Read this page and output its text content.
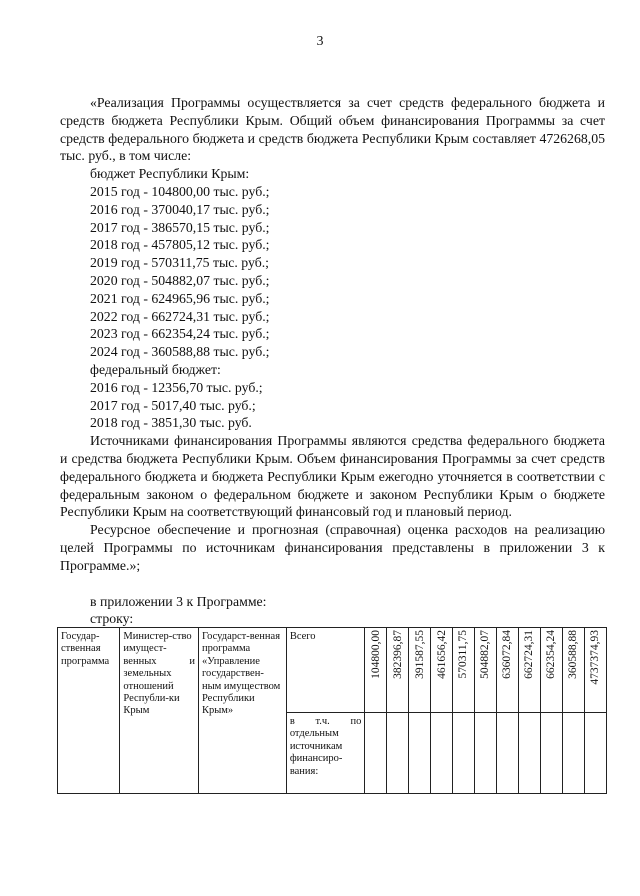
3

«Реализация Программы осуществляется за счет средств федерального бюджета и средств бюджета Республики Крым. Общий объем финансирования Программы за счет средств федерального бюджета и средств бюджета Республики Крым составляет 4726268,05 тыс. руб., в том числе:

бюджет Республики Крым:

2015 год - 104800,00 тыс. руб.;

2016 год - 370040,17 тыс. руб.;

2017 год - 386570,15 тыс. руб.;

2018 год - 457805,12 тыс. руб.;

2019 год - 570311,75 тыс. руб.;

2020 год - 504882,07 тыс. руб.;

2021 год - 624965,96 тыс. руб.;

2022 год - 662724,31 тыс. руб.;

2023 год - 662354,24 тыс. руб.;

2024 год - 360588,88 тыс. руб.;

федеральный бюджет:

2016 год - 12356,70 тыс. руб.;

2017 год - 5017,40 тыс. руб.;

2018 год - 3851,30 тыс. руб.

Источниками финансирования Программы являются средства федерального бюджета и средства бюджета Республики Крым. Объем финансирования Программы за счет средств федерального бюджета и бюджета Республики Крым ежегодно уточняется в соответствии с федеральным законом о федеральном бюджете и законом Республики Крым о бюджете Республики Крым на соответствующий финансовый год и плановый период.

Ресурсное обеспечение и прогнозная (справочная) оценка расходов на реализацию целей Программы по источникам финансирования представлены в приложении 3 к Программе.»;

в приложении 3 к Программе:

строку:

Государ-ственная программа	Министер-ство имущест-венных и земельных отношений Республи-ки Крым	Государст-венная программа «Управление государствен-ным имуществом Республики Крым»	Всего	104800,00	382396,87	391587,55	461656,42	570311,75	504882,07	636072,84	662724,31	662354,24	360588,88	4737374,93

			в т.ч. по отдельным источникам финансиро-вания:											
